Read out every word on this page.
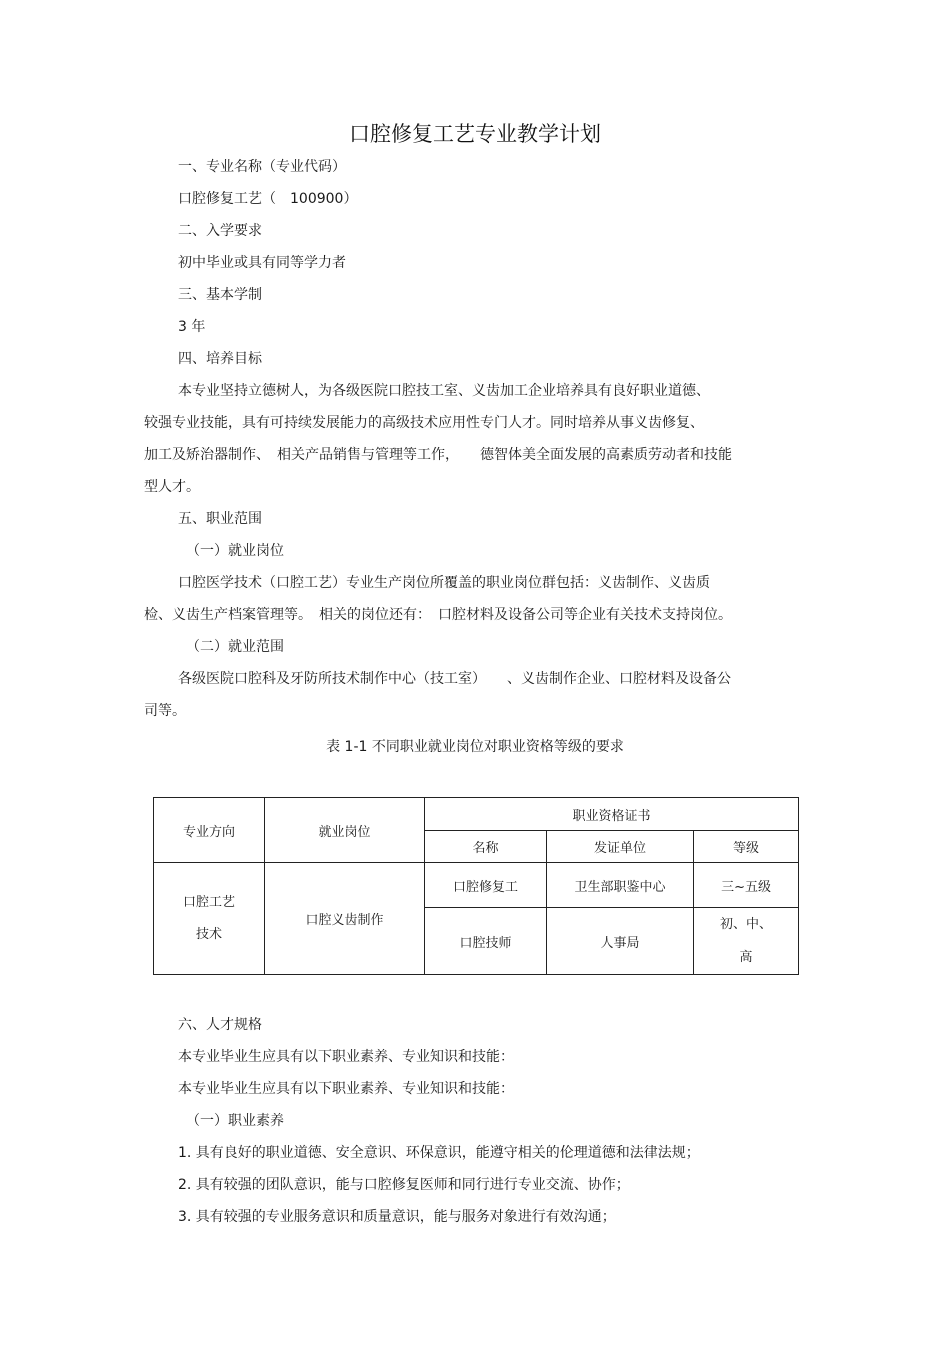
口腔修复工艺专业教学计划
一、专业名称（专业代码）
口腔修复工艺（　100900）
二、入学要求
初中毕业或具有同等学力者
三、基本学制
3 年
四、培养目标
本专业坚持立德树人，为各级医院口腔技工室、义齿加工企业培养具有良好职业道德、
较强专业技能，具有可持续发展能力的高级技术应用性专门人才。同时培养从事义齿修复、
加工及矫治器制作、　相关产品销售与管理等工作，　　德智体美全面发展的高素质劳动者和技能
型人才。
五、职业范围
（一）就业岗位
口腔医学技术（口腔工艺）专业生产岗位所覆盖的职业岗位群包括：义齿制作、义齿质
检、义齿生产档案管理等。　相关的岗位还有：　口腔材料及设备公司等企业有关技术支持岗位。
（二）就业范围
各级医院口腔科及牙防所技术制作中心（技工室）　　、义齿制作企业、口腔材料及设备公
司等。
表 1-1 不同职业就业岗位对职业资格等级的要求
专业方向	就业岗位	职业资格证书		
		名称	发证单位	等级

口腔工艺
技术	口腔义齿制作	口腔修复工	卫生部职鉴中心	三~五级
		口腔技师	人事局	初、中、
高
六、人才规格
本专业毕业生应具有以下职业素养、专业知识和技能：
本专业毕业生应具有以下职业素养、专业知识和技能：
（一）职业素养
1. 具有良好的职业道德、安全意识、环保意识，能遵守相关的伦理道德和法律法规；
2. 具有较强的团队意识，能与口腔修复医师和同行进行专业交流、协作；
3. 具有较强的专业服务意识和质量意识，能与服务对象进行有效沟通；
